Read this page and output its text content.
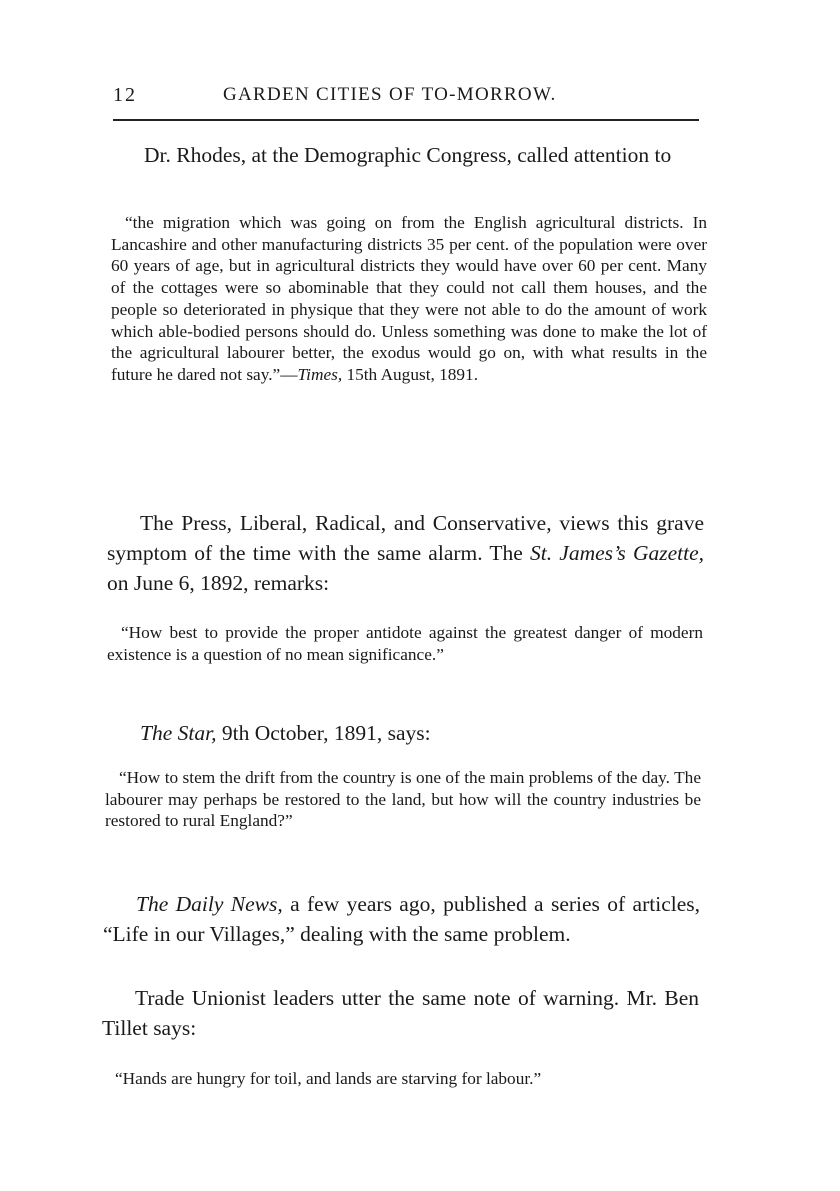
12	GARDEN CITIES OF TO-MORROW.

Dr. Rhodes, at the Demographic Congress, called attention to

“the migration which was going on from the English agricultural districts. In Lancashire and other manufacturing districts 35 per cent. of the population were over 60 years of age, but in agricultural districts they would have over 60 per cent. Many of the cottages were so abominable that they could not call them houses, and the people so deteriorated in physique that they were not able to do the amount of work which able-bodied persons should do. Unless something was done to make the lot of the agricultural labourer better, the exodus would go on, with what results in the future he dared not say.”—Times, 15th August, 1891.

The Press, Liberal, Radical, and Conservative, views this grave symptom of the time with the same alarm. The St. James’s Gazette, on June 6, 1892, remarks:

“How best to provide the proper antidote against the greatest danger of modern existence is a question of no mean significance.”

The Star, 9th October, 1891, says:

“How to stem the drift from the country is one of the main problems of the day. The labourer may perhaps be restored to the land, but how will the country industries be restored to rural England?”

The Daily News, a few years ago, published a series of articles, “Life in our Villages,” dealing with the same problem.

Trade Unionist leaders utter the same note of warning. Mr. Ben Tillet says:

“Hands are hungry for toil, and lands are starving for labour.”
